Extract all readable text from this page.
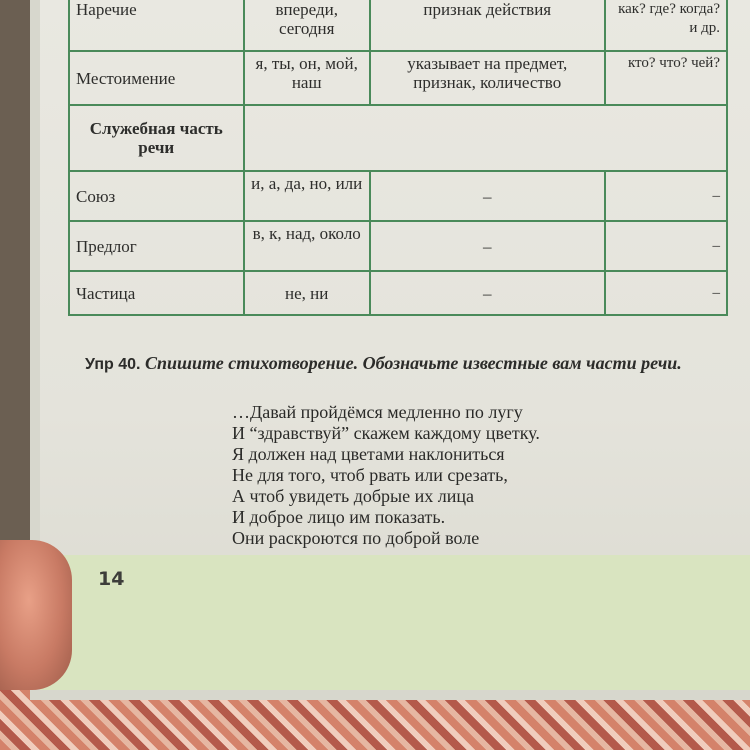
Наречие	впереди, сегодня	признак действия	как? где? когда? и др.
Местоимение	я, ты, он, мой, наш	указывает на предмет, признак, количество	кто? что? чей?
Служебная часть речи			
Союз	и, а, да, но, или	–	–
Предлог	в, к, над, около	–	–
Частица	не, ни	–	–
Упр 40. Спишите стихотворение. Обозначьте известные вам части речи.
…Давай пройдёмся медленно по лугу
И “здравствуй” скажем каждому цветку.
Я должен над цветами наклониться
Не для того, чтоб рвать или срезать,
А чтоб увидеть добрые их лица
И доброе лицо им показать.
Они раскроются по доброй воле
14
